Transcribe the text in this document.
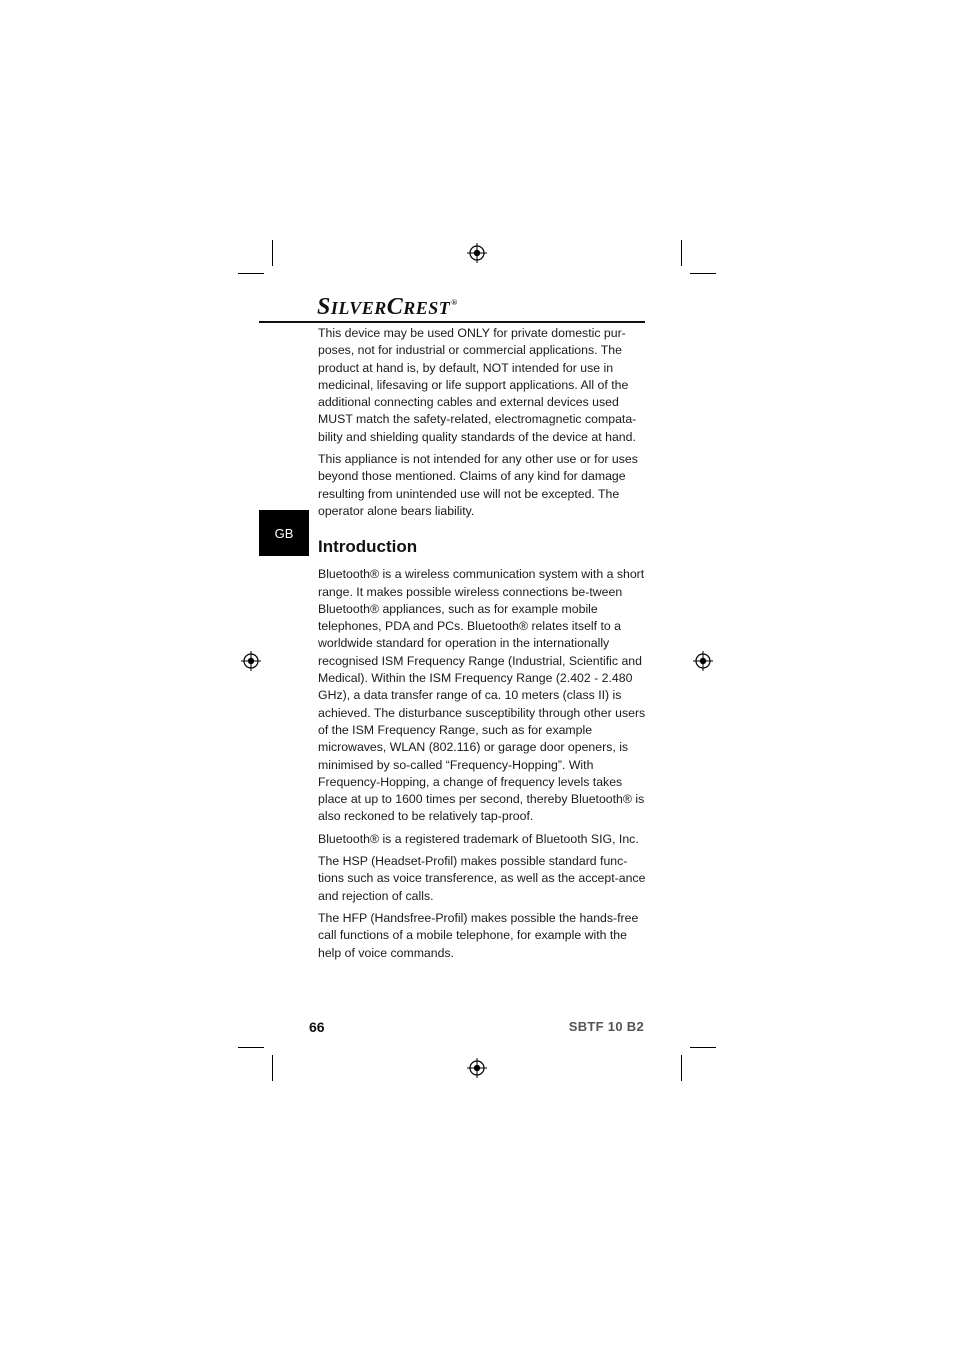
SILVERCREST®
GB

This device may be used ONLY for private domestic pur-poses, not for industrial or commercial applications. The product at hand is, by default, NOT intended for use in medicinal, lifesaving or life support applications. All of the additional connecting cables and external devices used MUST match the safety-related, electromagnetic compata-bility and shielding quality standards of the device at hand.

This appliance is not intended for any other use or for uses beyond those mentioned. Claims of any kind for damage resulting from unintended use will not be excepted. The operator alone bears liability.

Introduction

Bluetooth® is a wireless communication system with a short range. It makes possible wireless connections be-tween Bluetooth® appliances, such as for example mobile telephones, PDA and PCs. Bluetooth® relates itself to a worldwide standard for operation in the internationally recognised ISM Frequency Range (Industrial, Scientific and Medical). Within the ISM Frequency Range (2.402 - 2.480 GHz), a data transfer range of ca. 10 meters (class II) is achieved. The disturbance susceptibility through other users of the ISM Frequency Range, such as for example microwaves, WLAN (802.116) or garage door openers, is minimised by so-called “Frequency-Hopping”. With Frequency-Hopping, a change of frequency levels takes place at up to 1600 times per second, thereby Bluetooth® is also reckoned to be relatively tap-proof.

Bluetooth® is a registered trademark of Bluetooth SIG, Inc.

The HSP (Headset-Profil) makes possible standard func-tions such as voice transference, as well as the accept-ance and rejection of calls.

The HFP (Handsfree-Profil) makes possible the hands-free call functions of a mobile telephone, for example with the help of voice commands.

66	SBTF 10 B2
